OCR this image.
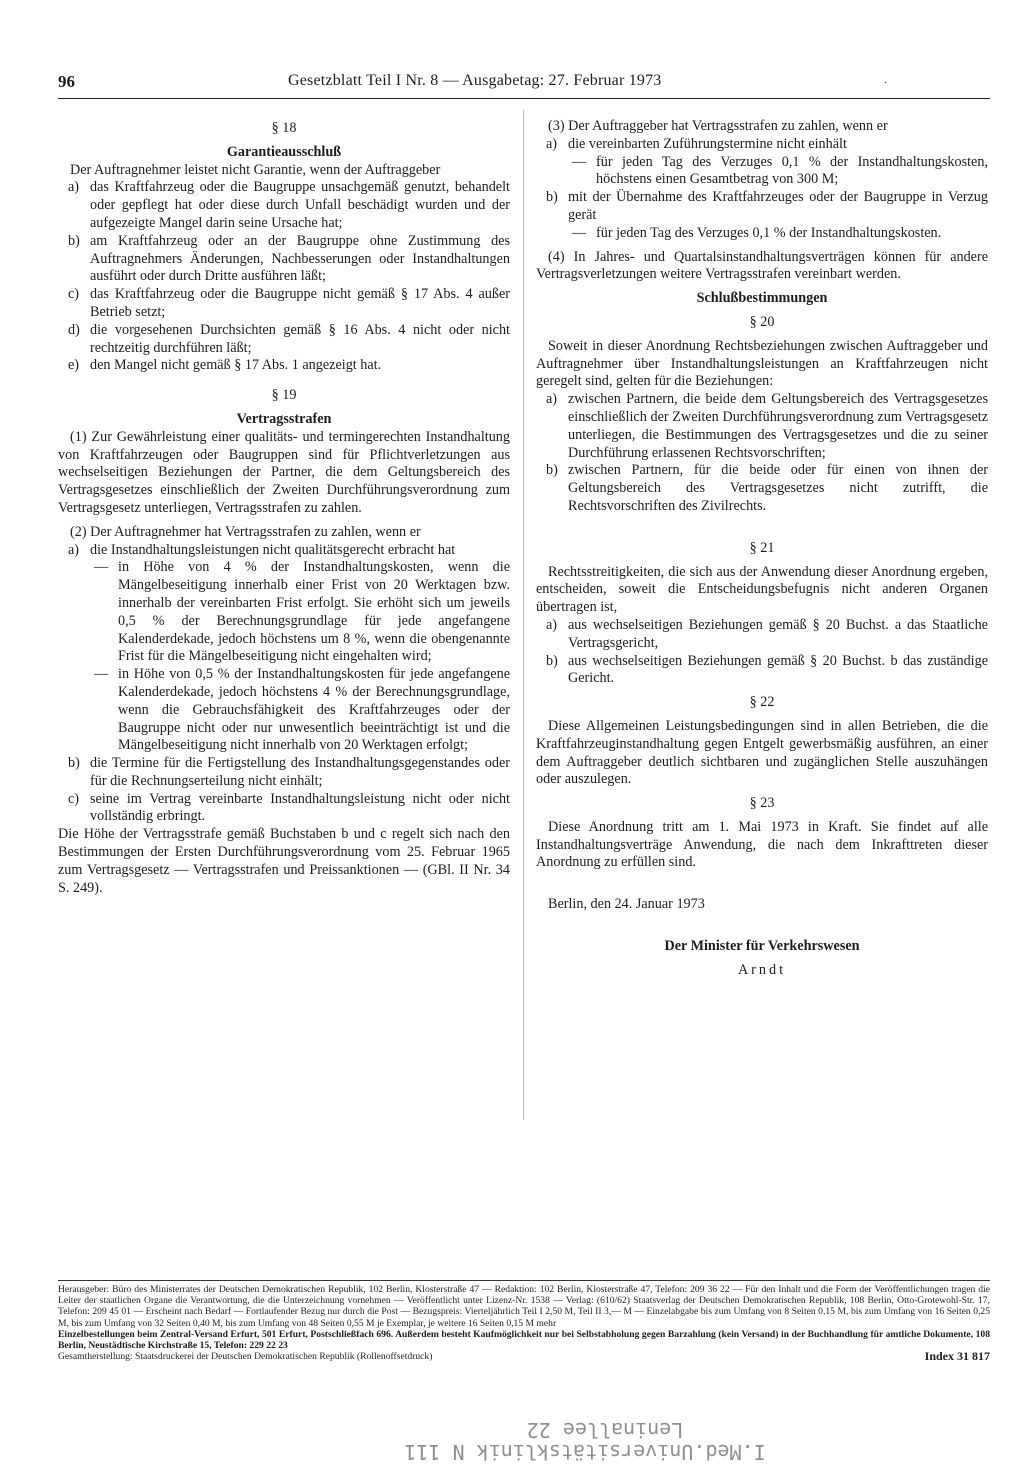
96	Gesetzblatt Teil I Nr. 8 — Ausgabetag: 27. Februar 1973	.

§ 18

Garantieausschluß

Der Auftragnehmer leistet nicht Garantie, wenn der Auftraggeber

a) das Kraftfahrzeug oder die Baugruppe unsachgemäß genutzt, behandelt oder gepflegt hat oder diese durch Unfall beschädigt wurden und der aufgezeigte Mangel darin seine Ursache hat;
b) am Kraftfahrzeug oder an der Baugruppe ohne Zustimmung des Auftragnehmers Änderungen, Nachbesserungen oder Instandhaltungen ausführt oder durch Dritte ausführen läßt;
c) das Kraftfahrzeug oder die Baugruppe nicht gemäß § 17 Abs. 4 außer Betrieb setzt;
d) die vorgesehenen Durchsichten gemäß § 16 Abs. 4 nicht oder nicht rechtzeitig durchführen läßt;
e) den Mangel nicht gemäß § 17 Abs. 1 angezeigt hat.

§ 19

Vertragsstrafen

(1) Zur Gewährleistung einer qualitäts- und termingerechten Instandhaltung von Kraftfahrzeugen oder Baugruppen sind für Pflichtverletzungen aus wechselseitigen Beziehungen der Partner, die dem Geltungsbereich des Vertragsgesetzes einschließlich der Zweiten Durchführungsverordnung zum Vertragsgesetz unterliegen, Vertragsstrafen zu zahlen.

(2) Der Auftragnehmer hat Vertragsstrafen zu zahlen, wenn er

a) die Instandhaltungsleistungen nicht qualitätsgerecht erbracht hat
— in Höhe von 4 % der Instandhaltungskosten, wenn die Mängelbeseitigung innerhalb einer Frist von 20 Werktagen bzw. innerhalb der vereinbarten Frist erfolgt. Sie erhöht sich um jeweils 0,5 % der Berechnungsgrundlage für jede angefangene Kalenderdekade, jedoch höchstens um 8 %, wenn die obengenannte Frist für die Mängelbeseitigung nicht eingehalten wird;
— in Höhe von 0,5 % der Instandhaltungskosten für jede angefangene Kalenderdekade, jedoch höchstens 4 % der Berechnungsgrundlage, wenn die Gebrauchsfähigkeit des Kraftfahrzeuges oder der Baugruppe nicht oder nur unwesentlich beeinträchtigt ist und die Mängelbeseitigung nicht innerhalb von 20 Werktagen erfolgt;
b) die Termine für die Fertigstellung des Instandhaltungsgegenstandes oder für die Rechnungserteilung nicht einhält;
c) seine im Vertrag vereinbarte Instandhaltungsleistung nicht oder nicht vollständig erbringt.

Die Höhe der Vertragsstrafe gemäß Buchstaben b und c regelt sich nach den Bestimmungen der Ersten Durchführungsverordnung vom 25. Februar 1965 zum Vertragsgesetz — Vertragsstrafen und Preissanktionen — (GBl. II Nr. 34 S. 249).

(3) Der Auftraggeber hat Vertragsstrafen zu zahlen, wenn er

a) die vereinbarten Zuführungstermine nicht einhält
— für jeden Tag des Verzuges 0,1 % der Instandhaltungskosten, höchstens einen Gesamtbetrag von 300 M;
b) mit der Übernahme des Kraftfahrzeuges oder der Baugruppe in Verzug gerät
— für jeden Tag des Verzuges 0,1 % der Instandhaltungskosten.

(4) In Jahres- und Quartalsinstandhaltungsverträgen können für andere Vertragsverletzungen weitere Vertragsstrafen vereinbart werden.

Schlußbestimmungen

§ 20

Soweit in dieser Anordnung Rechtsbeziehungen zwischen Auftraggeber und Auftragnehmer über Instandhaltungsleistungen an Kraftfahrzeugen nicht geregelt sind, gelten für die Beziehungen:

a) zwischen Partnern, die beide dem Geltungsbereich des Vertragsgesetzes einschließlich der Zweiten Durchführungsverordnung zum Vertragsgesetz unterliegen, die Bestimmungen des Vertragsgesetzes und die zu seiner Durchführung erlassenen Rechtsvorschriften;
b) zwischen Partnern, für die beide oder für einen von ihnen der Geltungsbereich des Vertragsgesetzes nicht zutrifft, die Rechtsvorschriften des Zivilrechts.

§ 21

Rechtsstreitigkeiten, die sich aus der Anwendung dieser Anordnung ergeben, entscheiden, soweit die Entscheidungsbefugnis nicht anderen Organen übertragen ist,

a) aus wechselseitigen Beziehungen gemäß § 20 Buchst. a das Staatliche Vertragsgericht,
b) aus wechselseitigen Beziehungen gemäß § 20 Buchst. b das zuständige Gericht.

§ 22

Diese Allgemeinen Leistungsbedingungen sind in allen Betrieben, die die Kraftfahrzeuginstandhaltung gegen Entgelt gewerbsmäßig ausführen, an einer dem Auftraggeber deutlich sichtbaren und zugänglichen Stelle auszuhängen oder auszulegen.

§ 23

Diese Anordnung tritt am 1. Mai 1973 in Kraft. Sie findet auf alle Instandhaltungsverträge Anwendung, die nach dem Inkrafttreten dieser Anordnung zu erfüllen sind.

Berlin, den 24. Januar 1973

Der Minister für Verkehrswesen

Arndt

Herausgeber: Büro des Ministerrates der Deutschen Demokratischen Republik, 102 Berlin, Klosterstraße 47 — Redaktion: 102 Berlin, Klosterstraße 47, Telefon: 209 36 22 — Für den Inhalt und die Form der Veröffentlichungen tragen die Leiter der staatlichen Organe die Verantwortung, die die Unterzeichnung vornehmen — Veröffentlicht unter Lizenz-Nr. 1538 — Verlag: (610/62) Staatsverlag der Deutschen Demokratischen Republik, 108 Berlin, Otto-Grotewohl-Str. 17, Telefon: 209 45 01 — Erscheint nach Bedarf — Fortlaufender Bezug nur durch die Post — Bezugspreis: Vierteljährlich Teil I 2,50 M, Teil II 3,— M — Einzelabgabe bis zum Umfang von 8 Seiten 0,15 M, bis zum Umfang von 16 Seiten 0,25 M, bis zum Umfang von 32 Seiten 0,40 M, bis zum Umfang von 48 Seiten 0,55 M je Exemplar, je weitere 16 Seiten 0,15 M mehr

Einzelbestellungen beim Zentral-Versand Erfurt, 501 Erfurt, Postschließfach 696. Außerdem besteht Kaufmöglichkeit nur bei Selbstabholung gegen Barzahlung (kein Versand) in der Buchhandlung für amtliche Dokumente, 108 Berlin, Neustädtische Kirchstraße 15, Telefon: 229 22 23

Gesamtherstellung: Staatsdruckerei der Deutschen Demokratischen Republik (Rollenoffsetdruck)	Index 31 817
Leninallee 22
I.Med.Universitätsklinik N 111
